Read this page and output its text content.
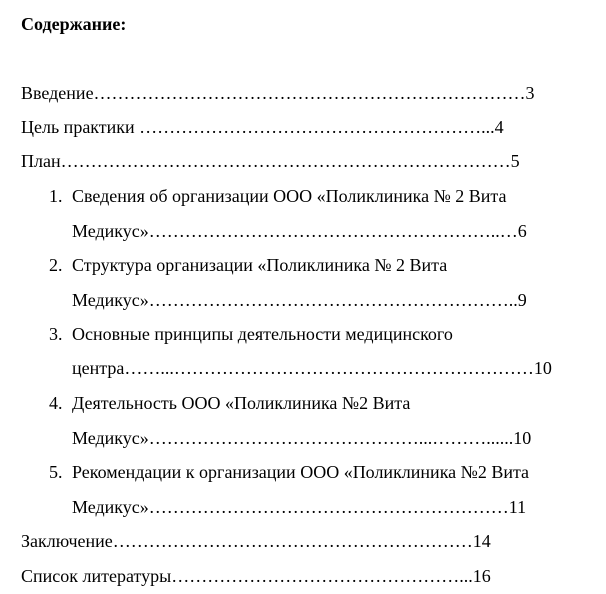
Содержание:
Введение………………………………………………………………3
Цель практики …………………………………………………...4
План…………………………………………………………………5
1. Сведения об организации ООО «Поликлиника № 2 Вита
Медикус»…………………………………………………..…6
2. Структура организации «Поликлиника № 2 Вита
Медикус»……………………………………………………..9
3. Основные принципы деятельности медицинского
центра……...……………………………………………………10
4. Деятельность ООО «Поликлиника №2 Вита
Медикус»………………………………………...………......10
5. Рекомендации к организации ООО «Поликлиника №2 Вита
Медикус»……………………………………………………11
Заключение……………………………………………………14
Список литературы…………………………………………...16
